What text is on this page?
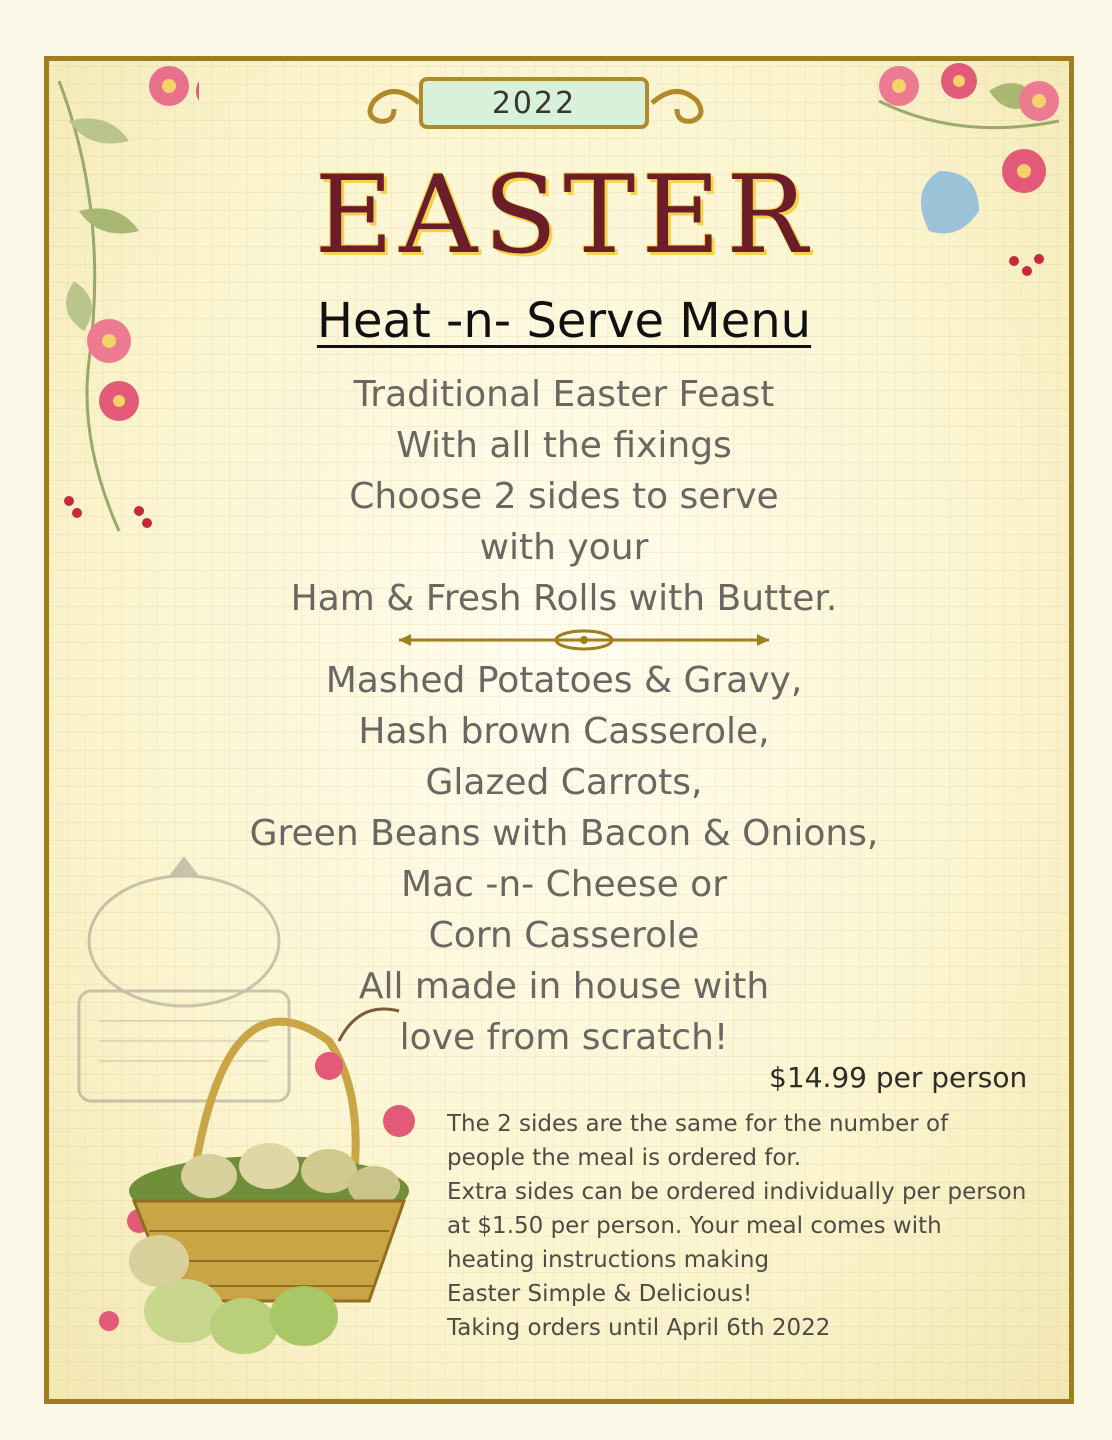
2022
EASTER
Heat -n- Serve Menu
Traditional Easter Feast
With all the fixings
Choose 2 sides to serve
with your
Ham & Fresh Rolls with Butter.
Mashed Potatoes & Gravy,
Hash brown Casserole,
Glazed Carrots,
Green Beans with Bacon & Onions,
Mac -n- Cheese or
Corn Casserole
All made in house with
love from scratch!
$14.99 per person
The 2 sides are the same for the number of
people the meal is ordered for.
Extra sides can be ordered individually per person
at $1.50 per person. Your meal comes with
heating instructions making
Easter Simple & Delicious!
Taking orders until April 6th 2022
